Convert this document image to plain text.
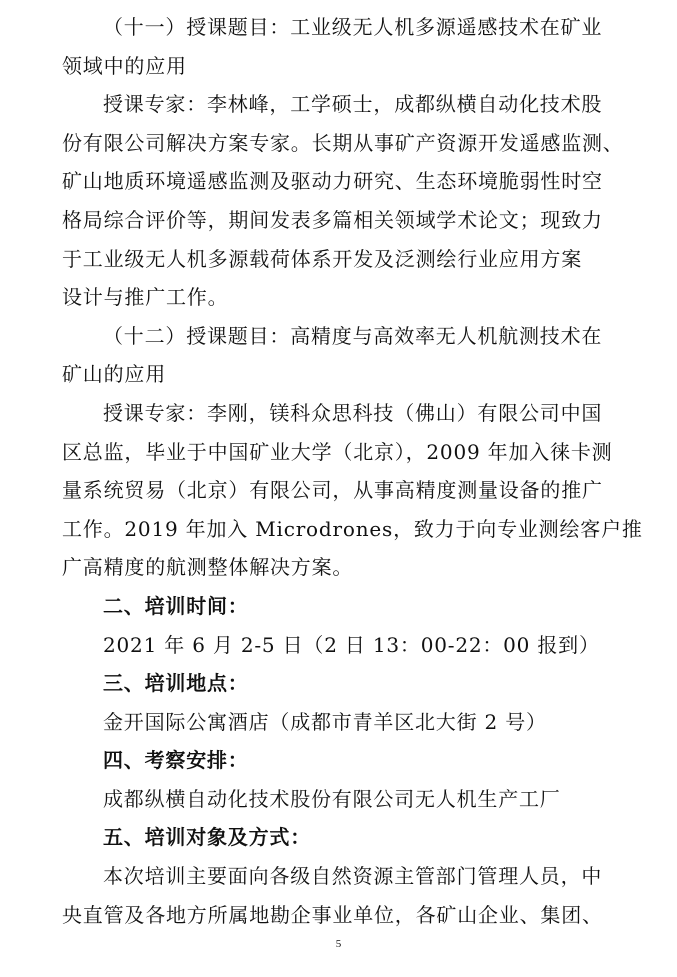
（十一）授课题目：工业级无人机多源遥感技术在矿业
领域中的应用
授课专家：李林峰，工学硕士，成都纵横自动化技术股
份有限公司解决方案专家。长期从事矿产资源开发遥感监测、
矿山地质环境遥感监测及驱动力研究、生态环境脆弱性时空
格局综合评价等，期间发表多篇相关领域学术论文；现致力
于工业级无人机多源载荷体系开发及泛测绘行业应用方案
设计与推广工作。
（十二）授课题目：高精度与高效率无人机航测技术在
矿山的应用
授课专家：李刚，镁科众思科技（佛山）有限公司中国
区总监，毕业于中国矿业大学（北京），2009 年加入徕卡测
量系统贸易（北京）有限公司，从事高精度测量设备的推广
工作。2019 年加入 Microdrones，致力于向专业测绘客户推
广高精度的航测整体解决方案。
二、培训时间：
2021 年 6 月 2-5 日（2 日 13：00-22：00 报到）
三、培训地点：
金开国际公寓酒店（成都市青羊区北大街 2 号）
四、考察安排：
成都纵横自动化技术股份有限公司无人机生产工厂
五、培训对象及方式：
本次培训主要面向各级自然资源主管部门管理人员，中
央直管及各地方所属地勘企事业单位，各矿山企业、集团、
5
